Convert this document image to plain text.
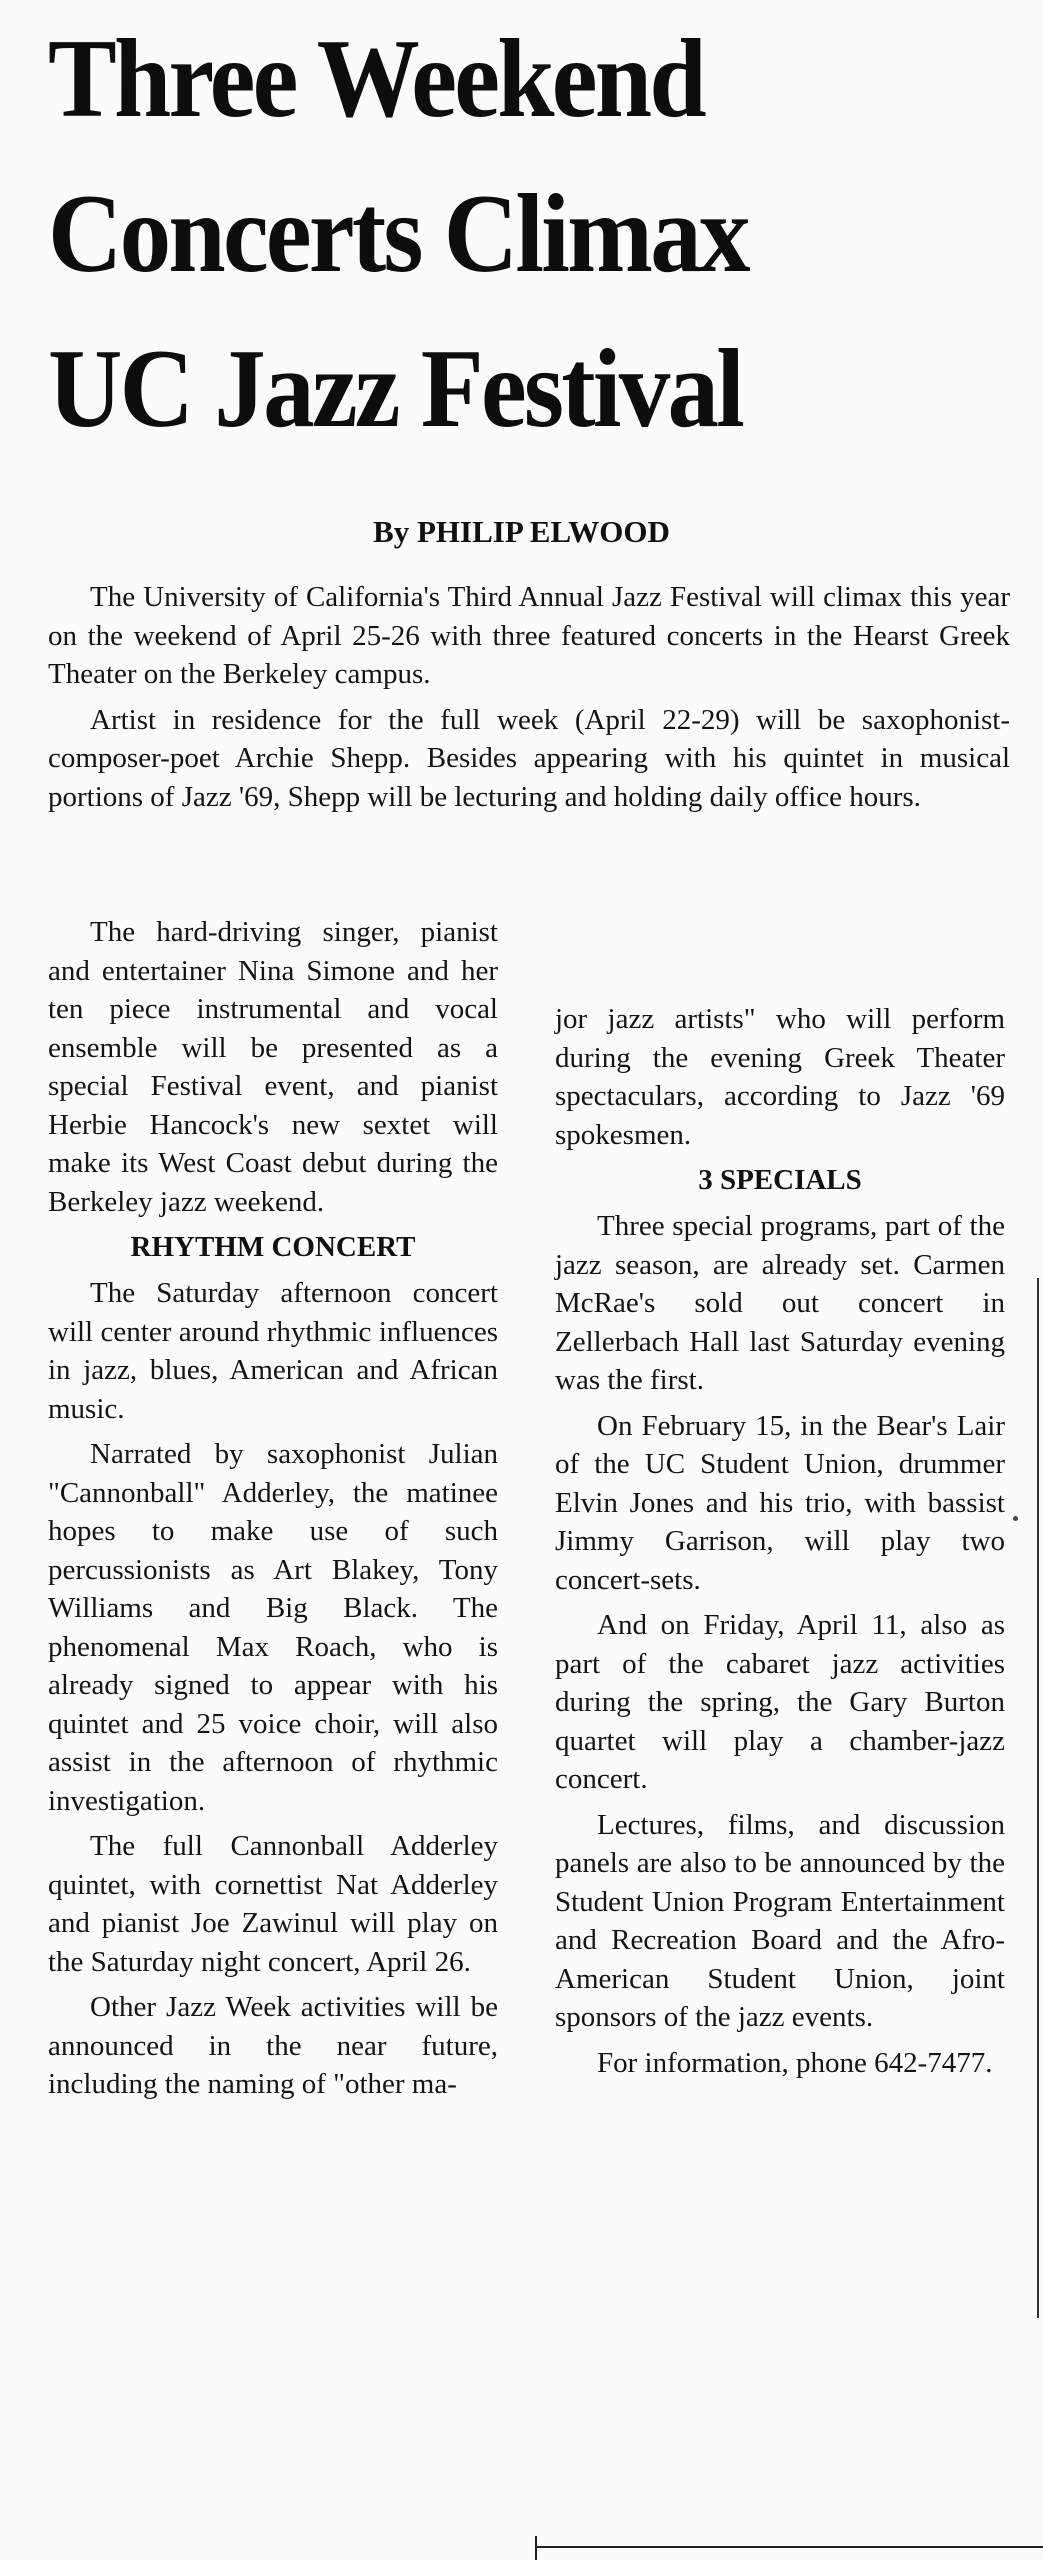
Three Weekend
Concerts Climax
UC Jazz Festival
By PHILIP ELWOOD

The University of California's Third Annual Jazz Festival will climax this year on the weekend of April 25-26 with three featured concerts in the Hearst Greek Theater on the Berkeley campus.

Artist in residence for the full week (April 22-29) will be saxophonist-composer-poet Archie Shepp. Besides appearing with his quintet in musical portions of Jazz '69, Shepp will be lecturing and holding daily office hours.

The hard-driving singer, pianist and entertainer Nina Simone and her ten piece instrumental and vocal ensemble will be presented as a special Festival event, and pianist Herbie Hancock's new sextet will make its West Coast debut during the Berkeley jazz weekend.

RHYTHM CONCERT

The Saturday afternoon concert will center around rhythmic influences in jazz, blues, American and African music.

Narrated by saxophonist Julian "Cannonball" Adderley, the matinee hopes to make use of such percussionists as Art Blakey, Tony Williams and Big Black. The phenomenal Max Roach, who is already signed to appear with his quintet and 25 voice choir, will also assist in the afternoon of rhythmic investigation.

The full Cannonball Adderley quintet, with cornettist Nat Adderley and pianist Joe Zawinul will play on the Saturday night concert, April 26.

Other Jazz Week activities will be announced in the near future, including the naming of "other ma-

jor jazz artists" who will perform during the evening Greek Theater spectaculars, according to Jazz '69 spokesmen.

3 SPECIALS

Three special programs, part of the jazz season, are already set. Carmen McRae's sold out concert in Zellerbach Hall last Saturday evening was the first.

On February 15, in the Bear's Lair of the UC Student Union, drummer Elvin Jones and his trio, with bassist Jimmy Garrison, will play two concert-sets.

And on Friday, April 11, also as part of the cabaret jazz activities during the spring, the Gary Burton quartet will play a chamber-jazz concert.

Lectures, films, and discussion panels are also to be announced by the Student Union Program Entertainment and Recreation Board and the Afro-American Student Union, joint sponsors of the jazz events.

For information, phone 642-7477.
